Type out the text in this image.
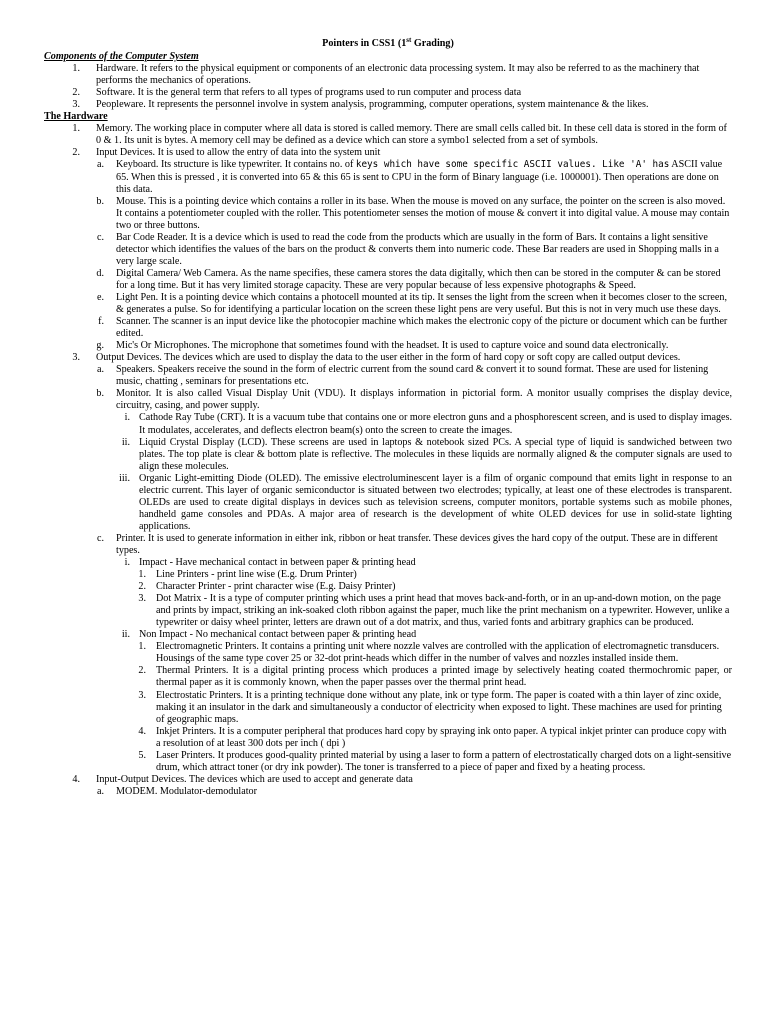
Pointers in CSS1 (1st Grading)
Components of the Computer System
1. Hardware. It refers to the physical equipment or components of an electronic data processing system. It may also be referred to as the machinery that performs the mechanics of operations.
2. Software. It is the general term that refers to all types of programs used to run computer and process data
3. Peopleware. It represents the personnel involve in system analysis, programming, computer operations, system maintenance & the likes.
The Hardware
1. Memory. The working place in computer where all data is stored is called memory. There are small cells called bit. In these cell data is stored in the form of 0 & 1. Its unit is bytes. A memory cell may be defined as a device which can store a symbo1 selected from a set of symbols.
2. Input Devices. It is used to allow the entry of data into the system unit
a. Keyboard. Its structure is like typewriter. It contains no. of keys which have some specific ASCII values. Like 'A' has ASCII value 65. When this is pressed , it is converted into 65 & this 65 is sent to CPU in the form of Binary language (i.e. 1000001). Then operations are done on this data.
b. Mouse. This is a pointing device which contains a roller in its base. When the mouse is moved on any surface, the pointer on the screen is also moved. It contains a potentiometer coupled with the roller. This potentiometer senses the motion of mouse & convert it into digital value. A mouse may contain two or three buttons.
c. Bar Code Reader. It is a device which is used to read the code from the products which are usually in the form of Bars. It contains a light sensitive detector which identifies the values of the bars on the product & converts them into numeric code. These Bar readers are used in Shopping malls in a very large scale.
d. Digital Camera/ Web Camera. As the name specifies, these camera stores the data digitally, which then can be stored in the computer & can be stored for a long time. But it has very limited storage capacity. These are very popular because of less expensive photographs & Speed.
e. Light Pen. It is a pointing device which contains a photocell mounted at its tip. It senses the light from the screen when it becomes closer to the screen, & generates a pulse. So for identifying a particular location on the screen these light pens are very useful. But this is not in very much use these days.
f. Scanner. The scanner is an input device like the photocopier machine which makes the electronic copy of the picture or document which can be further edited.
g. Mic's Or Microphones. The microphone that sometimes found with the headset. It is used to capture voice and sound data electronically.
3. Output Devices. The devices which are used to display the data to the user either in the form of hard copy or soft copy are called output devices.
a. Speakers. Speakers receive the sound in the form of electric current from the sound card & convert it to sound format. These are used for listening music, chatting , seminars for presentations etc.
b. Monitor. It is also called Visual Display Unit (VDU). It displays information in pictorial form. A monitor usually comprises the display device, circuitry, casing, and power supply.
i. Cathode Ray Tube (CRT). It is a vacuum tube that contains one or more electron guns and a phosphorescent screen, and is used to display images. It modulates, accelerates, and deflects electron beam(s) onto the screen to create the images.
ii. Liquid Crystal Display (LCD). These screens are used in laptops & notebook sized PCs. A special type of liquid is sandwiched between two plates. The top plate is clear & bottom plate is reflective. The molecules in these liquids are normally aligned & the computer signals are used to align these molecules.
iii. Organic Light-emitting Diode (OLED). The emissive electroluminescent layer is a film of organic compound that emits light in response to an electric current. This layer of organic semiconductor is situated between two electrodes; typically, at least one of these electrodes is transparent. OLEDs are used to create digital displays in devices such as television screens, computer monitors, portable systems such as mobile phones, handheld game consoles and PDAs. A major area of research is the development of white OLED devices for use in solid-state lighting applications.
c. Printer. It is used to generate information in either ink, ribbon or heat transfer. These devices gives the hard copy of the output. These are in different types.
i. Impact - Have mechanical contact in between paper & printing head
1. Line Printers - print line wise (E.g. Drum Printer)
2. Character Printer - print character wise (E.g. Daisy Printer)
3. Dot Matrix - It is a type of computer printing which uses a print head that moves back-and-forth, or in an up-and-down motion, on the page and prints by impact, striking an ink-soaked cloth ribbon against the paper, much like the print mechanism on a typewriter. However, unlike a typewriter or daisy wheel printer, letters are drawn out of a dot matrix, and thus, varied fonts and arbitrary graphics can be produced.
ii. Non Impact - No mechanical contact between paper & printing head
1. Electromagnetic Printers. It contains a printing unit where nozzle valves are controlled with the application of electromagnetic transducers. Housings of the same type cover 25 or 32-dot print-heads which differ in the number of valves and nozzles installed inside them.
2. Thermal Printers. It is a digital printing process which produces a printed image by selectively heating coated thermochromic paper, or thermal paper as it is commonly known, when the paper passes over the thermal print head.
3. Electrostatic Printers. It is a printing technique done without any plate, ink or type form. The paper is coated with a thin layer of zinc oxide, making it an insulator in the dark and simultaneously a conductor of electricity when exposed to light. These machines are used for printing of geographic maps.
4. Inkjet Printers. It is a computer peripheral that produces hard copy by spraying ink onto paper. A typical inkjet printer can produce copy with a resolution of at least 300 dots per inch ( dpi )
5. Laser Printers. It produces good-quality printed material by using a laser to form a pattern of electrostatically charged dots on a light-sensitive drum, which attract toner (or dry ink powder). The toner is transferred to a piece of paper and fixed by a heating process.
4. Input-Output Devices. The devices which are used to accept and generate data
a. MODEM. Modulator-demodulator
